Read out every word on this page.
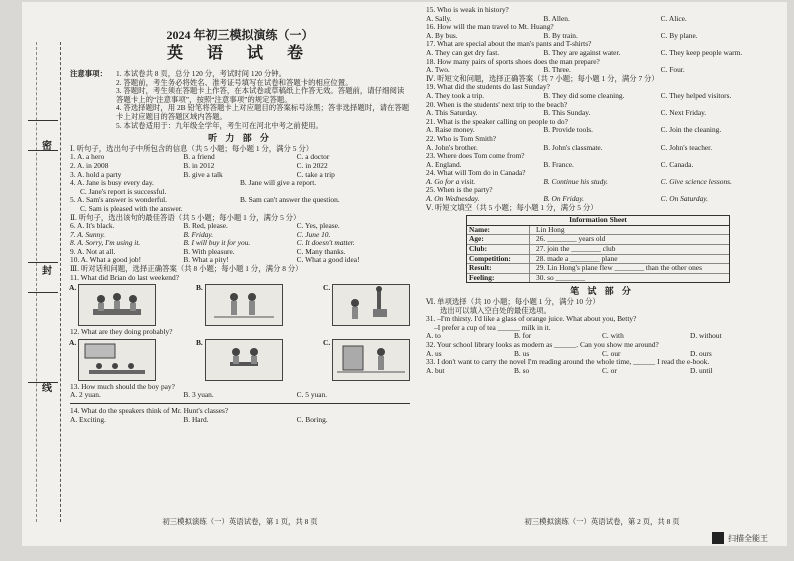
密
封
线
2024 年初三模拟演练（一）
英 语 试 卷
注意事项：	1. 本试卷共 8 页，总分 120 分，考试时间 120 分钟。
2. 答题前，考生务必将姓名、准考证号填写在试卷和答题卡的相应位置。
3. 答题时，考生须在答题卡上作答，在本试卷或草稿纸上作答无效。答题前，请仔细阅读答题卡上的“注意事项”，按照“注意事项”的规定答题。
4. 答选择题时，用 2B 铅笔将答题卡上对应题目的答案标号涂黑；答非选择题时，请在答题卡上对应题目的答题区域内答题。
5. 本试卷适用于：九年级全学年，考生可在河北中考之前使用。
听 力 部 分
Ⅰ. 听句子，选出句子中所包含的信息（共 5 小题；每小题 1 分，满分 5 分）
1. A. a hero	B. a friend	C. a doctor
2. A. in 2008	B. in 2012	C. in 2022
3. A. hold a party	B. give a talk	C. take a trip
4. A. Jane is busy every day.	B. Jane will give a report.
C. Jane's report is successful.
5. A. Sam's answer is wonderful.	B. Sam can't answer the question.
C. Sam is pleased with the answer.
Ⅱ. 听句子，选出该句的最佳答语（共 5 小题；每小题 1 分，满分 5 分）
6. A. It's black.	B. Red, please.	C. Yes, please.
7. A. Sunny.	B. Friday.	C. June 10.
8. A. Sorry, I'm using it.	B. I will buy it for you.	C. It doesn't matter.
9. A. Not at all.	B. With pleasure.	C. Many thanks.
10. A. What a good job!	B. What a pity!	C. What a good idea!
Ⅲ. 听对话和问题，选择正确答案（共 8 小题；每小题 1 分，满分 8 分）
11. What did Brian do last weekend?
A.	B.	C.
12. What are they doing probably?
A.	B.	C.
13. How much should the boy pay?
A. 2 yuan.	B. 3 yuan.	C. 5 yuan.
14. What do the speakers think of Mr. Hunt's classes?
A. Exciting.	B. Hard.	C. Boring.
初三模拟演练（一）英语试卷，第 1 页，共 8 页
15. Who is weak in history?
A. Sally.	B. Allen.	C. Alice.
16. How will the man travel to Mt. Huang?
A. By bus.	B. By train.	C. By plane.
17. What are special about the man's pants and T-shirts?
A. They can get dry fast.	B. They are against water.	C. They keep people warm.
18. How many pairs of sports shoes does the man prepare?
A. Two.	B. Three.	C. Four.
Ⅳ. 听短文和问题，选择正确答案（共 7 小题；每小题 1 分，满分 7 分）
19. What did the students do last Sunday?
A. They took a trip.	B. They did some cleaning.	C. They helped visitors.
20. When is the students' next trip to the beach?
A. This Saturday.	B. This Sunday.	C. Next Friday.
21. What is the speaker calling on people to do?
A. Raise money.	B. Provide tools.	C. Join the cleaning.
22. Who is Tom Smith?
A. John's brother.	B. John's classmate.	C. John's teacher.
23. Where does Tom come from?
A. England.	B. France.	C. Canada.
24. What will Tom do in Canada?
A. Go for a visit.	B. Continue his study.	C. Give science lessons.
25. When is the party?
A. On Wednesday.	B. On Friday.	C. On Saturday.
Ⅴ. 听短文填空（共 5 小题；每小题 1 分，满分 5 分）
Information Sheet
Name:	Lin Hong
Age:	26. ________ years old
Club:	27. join the ________ club
Competition:	28. made a ________ plane
Result:	29. Lin Hong's plane flew ________ than the other ones
Feeling:	30. so ________
笔 试 部 分
Ⅵ. 单项选择（共 10 小题；每小题 1 分，满分 10 分）
选出可以填入空白处的最佳选项。
31. –I'm thirsty. I'd like a glass of orange juice. What about you, Betty?
–I prefer a cup of tea ______ milk in it.
A. to	B. for	C. with	D. without
32. Your school library looks as modern as ______. Can you show me around?
A. us	B. us	C. our	D. ours
33. I don't want to carry the novel I'm reading around the whole time, ______ I read the e-book.
A. but	B. so	C. or	D. until
初三模拟演练（一）英语试卷，第 2 页，共 8 页
扫描全能王
